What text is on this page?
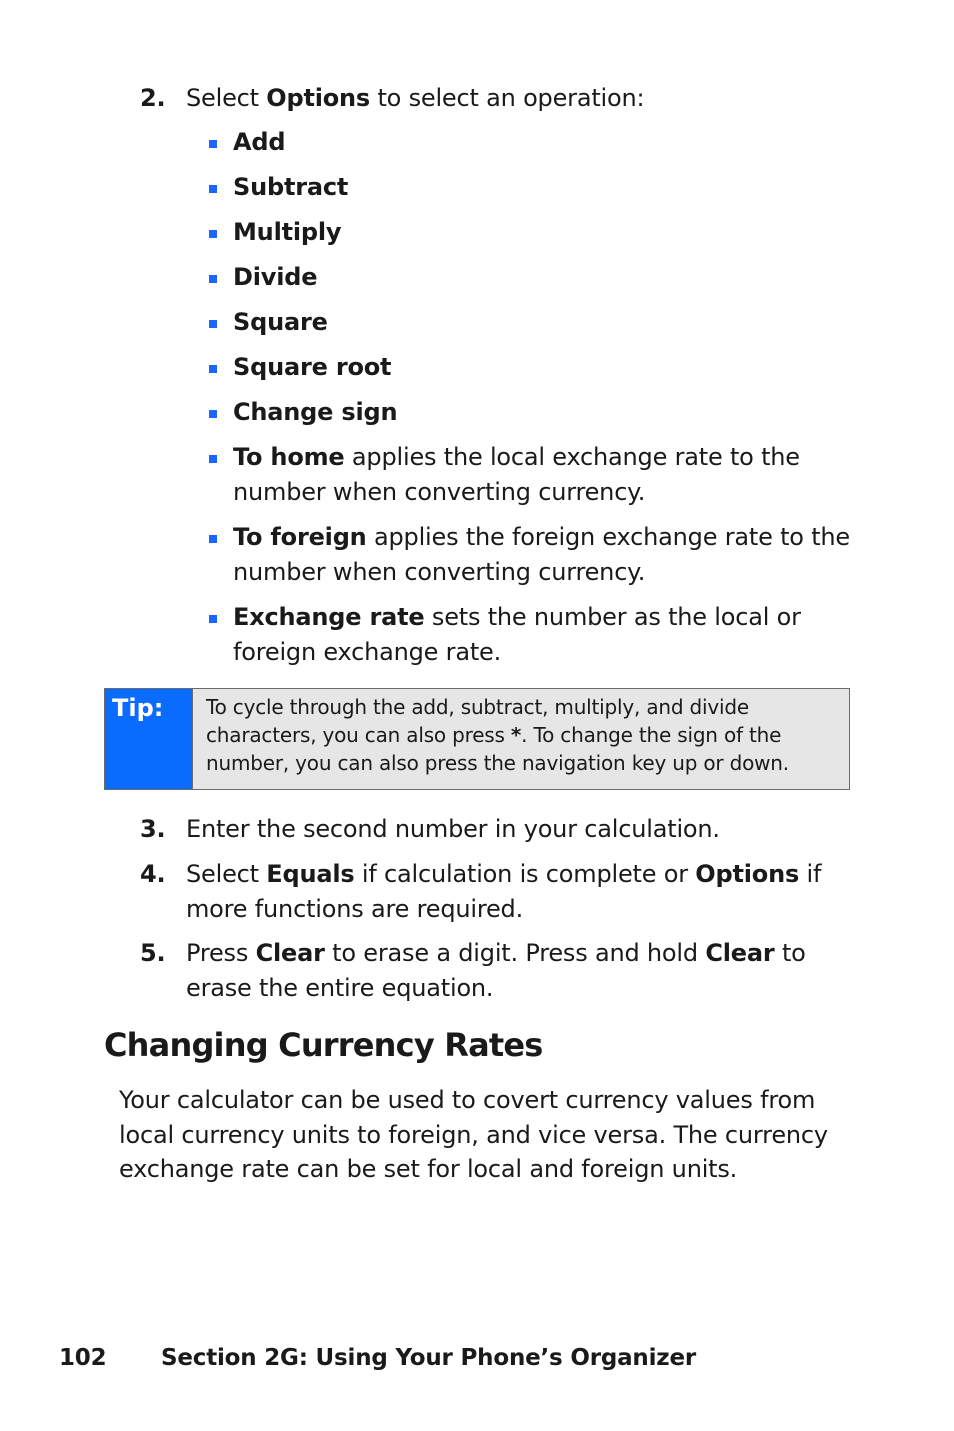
2. Select Options to select an operation:
Add
Subtract
Multiply
Divide
Square
Square root
Change sign
To home applies the local exchange rate to the number when converting currency.
To foreign applies the foreign exchange rate to the number when converting currency.
Exchange rate sets the number as the local or foreign exchange rate.
Tip:	To cycle through the add, subtract, multiply, and divide characters, you can also press *. To change the sign of the number, you can also press the navigation key up or down.
3. Enter the second number in your calculation.
4. Select Equals if calculation is complete or Options if more functions are required.
5. Press Clear to erase a digit. Press and hold Clear to erase the entire equation.
Changing Currency Rates

Your calculator can be used to covert currency values from local currency units to foreign, and vice versa. The currency exchange rate can be set for local and foreign units.

102 Section 2G: Using Your Phone’s Organizer
